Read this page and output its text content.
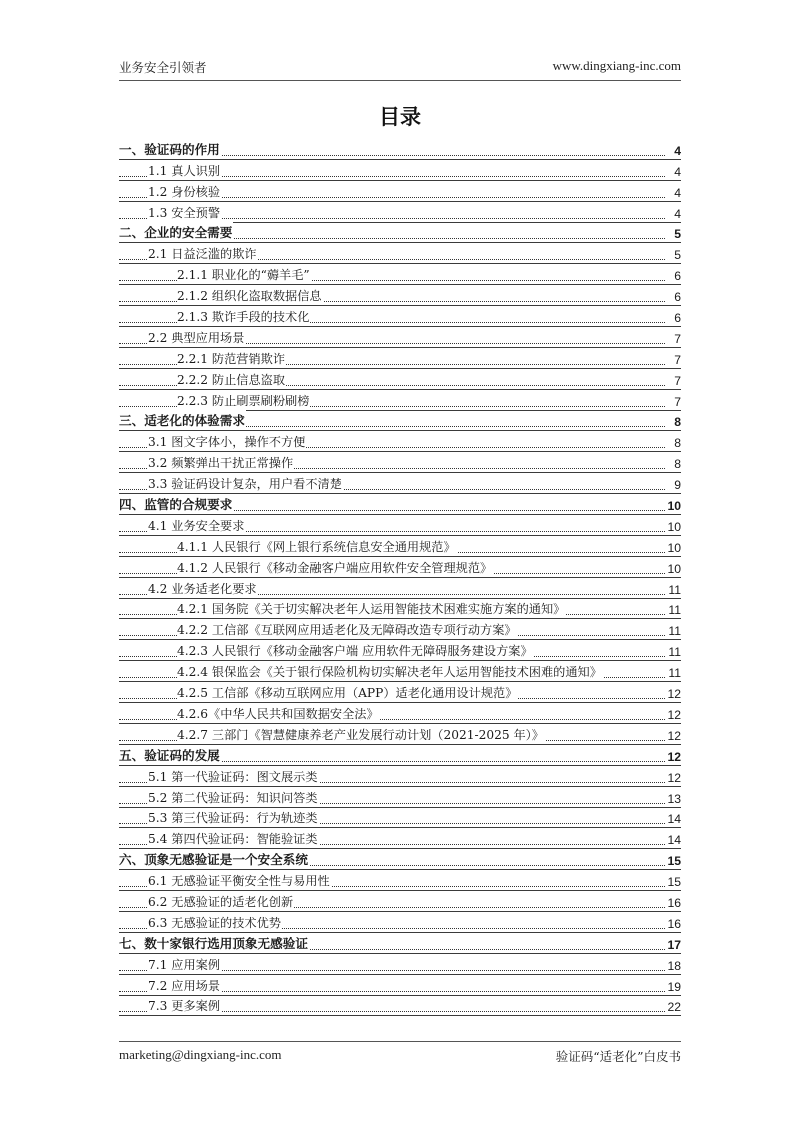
业务安全引领者	www.dingxiang-inc.com
目录
一、验证码的作用	4
1.1 真人识别	4
1.2 身份核验	4
1.3 安全预警	4
二、企业的安全需要	5
2.1 日益泛滥的欺诈	5
2.1.1 职业化的“薅羊毛”	6
2.1.2 组织化盗取数据信息	6
2.1.3 欺诈手段的技术化	6
2.2 典型应用场景	7
2.2.1 防范营销欺诈	7
2.2.2 防止信息盗取	7
2.2.3 防止刷票刷粉刷榜	7
三、适老化的体验需求	8
3.1 图文字体小，操作不方便	8
3.2 频繁弹出干扰正常操作	8
3.3 验证码设计复杂，用户看不清楚	9
四、监管的合规要求	10
4.1 业务安全要求	10
4.1.1 人民银行《网上银行系统信息安全通用规范》	10
4.1.2 人民银行《移动金融客户端应用软件安全管理规范》	10
4.2 业务适老化要求	11
4.2.1 国务院《关于切实解决老年人运用智能技术困难实施方案的通知》	11
4.2.2 工信部《互联网应用适老化及无障碍改造专项行动方案》	11
4.2.3 人民银行《移动金融客户端 应用软件无障碍服务建设方案》	11
4.2.4 银保监会《关于银行保险机构切实解决老年人运用智能技术困难的通知》	11
4.2.5 工信部《移动互联网应用（APP）适老化通用设计规范》	12
4.2.6《中华人民共和国数据安全法》	12
4.2.7 三部门《智慧健康养老产业发展行动计划（2021-2025 年）》	12
五、验证码的发展	12
5.1 第一代验证码：图文展示类	12
5.2 第二代验证码：知识问答类	13
5.3 第三代验证码：行为轨迹类	14
5.4 第四代验证码：智能验证类	14
六、顶象无感验证是一个安全系统	15
6.1 无感验证平衡安全性与易用性	15
6.2 无感验证的适老化创新	16
6.3 无感验证的技术优势	16
七、数十家银行选用顶象无感验证	17
7.1 应用案例	18
7.2 应用场景	19
7.3 更多案例	22
marketing@dingxiang-inc.com	验证码“适老化”白皮书
